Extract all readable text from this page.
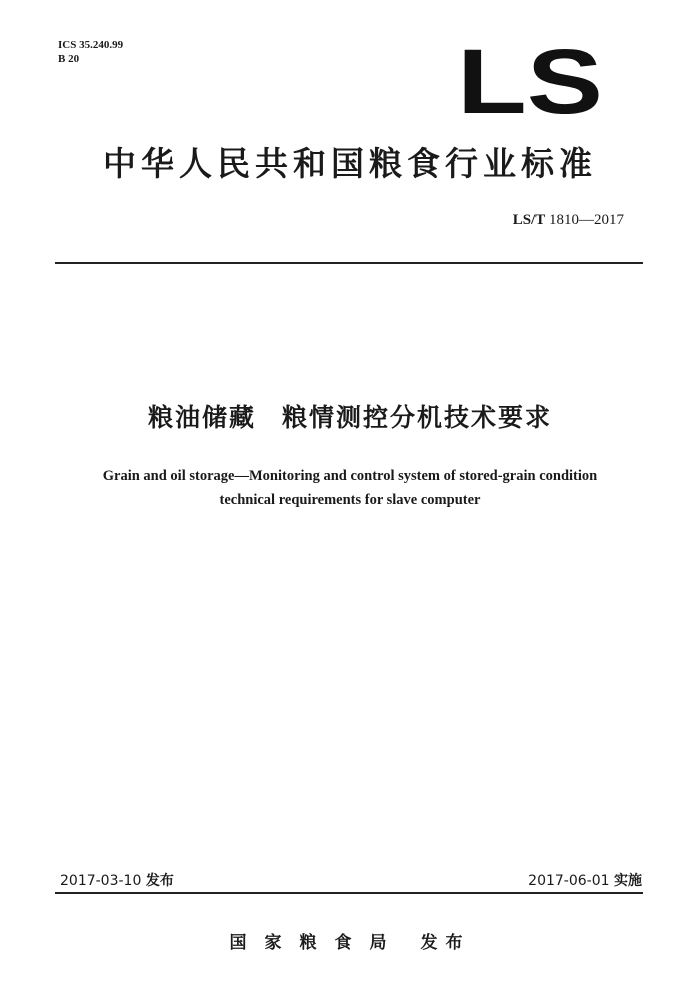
ICS 35.240.99
B 20	LS
中华人民共和国粮食行业标准
LS/T 1810—2017
粮油储藏 粮情测控分机技术要求
Grain and oil storage—Monitoring and control system of stored-grain condition
technical requirements for slave computer
2017-03-10 发布	2017-06-01 实施
国家粮食局 发布
